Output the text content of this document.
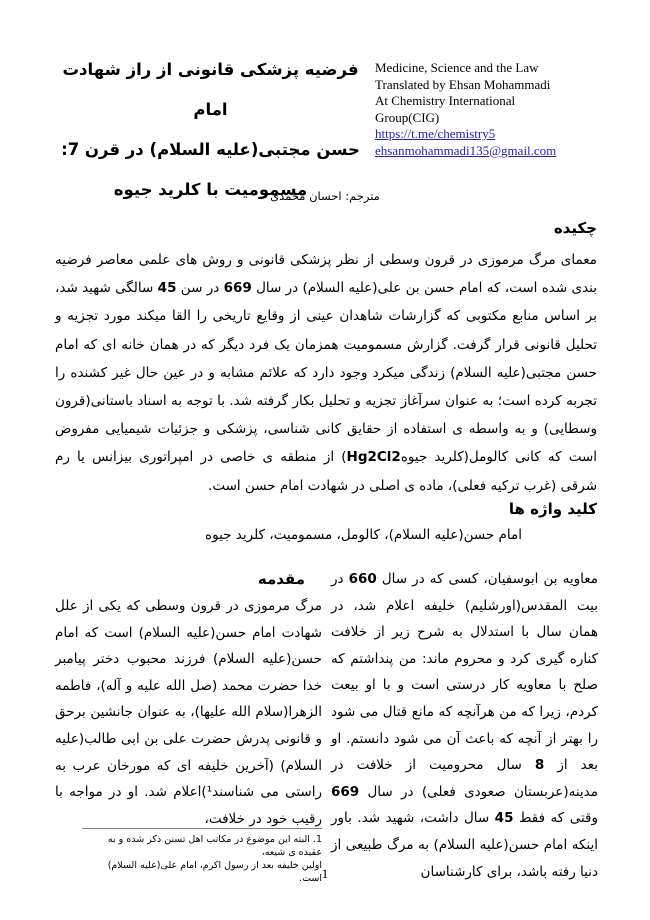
فرضیه پزشکی قانونی از راز شهادت امام
حسن مجتبی(علیه السلام) در قرن 7:
مسمومیت با کلرید جیوه
Medicine, Science and the Law
Translated by Ehsan Mohammadi
At Chemistry International
Group(CIG)
https://t.me/chemistry5
ehsanmohammadi135@gmail.com
مترجم: احسان محمدی
چکیده
معمای مرگ مرموزی در قرون وسطی از نظر پزشکی قانونی و روش های علمی معاصر فرضیه بندی شده است، که امام حسن بن علی(علیه السلام) در سال 669 در سن 45 سالگی شهید شد، بر اساس منابع مکتوبی که گزارشات شاهدان عینی از وقایع تاریخی را القا میکند مورد تجزیه و تحلیل قانونی قرار گرفت. گزارش مسمومیت همزمان یک فرد دیگر که در همان خانه ای که امام حسن مجتبی(علیه السلام) زندگی میکرد وجود دارد که علائم مشابه و در عین حال غیر کشنده را تجربه کرده است؛ به عنوان سرآغاز تجزیه و تحلیل بکار گرفته شد. با توجه به اسناد باستانی(قرون وسطایی) و به واسطه ی استفاده از حقایق کانی شناسی، پزشکی و جزئیات شیمیایی مفروض است که کانی کالومل(کلرید جیوهHg2Cl2) از منطقه ی خاصی در امپراتوری بیزانس یا رم شرقی (غرب ترکیه فعلی)، ماده ی اصلی در شهادت امام حسن است.
کلید واژه ها
امام حسن(علیه السلام)، کالومل، مسمومیت، کلرید جیوه
مقدمه
مرگ مرموزی در قرون وسطی که یکی از علل شهادت امام حسن(علیه السلام) است که امام حسن(علیه السلام) فرزند محبوب دختر پیامبر خدا حضرت محمد (صل الله علیه و آله)، فاطمه الزهرا(سلام الله علیها)، به عنوان جانشین برحق و قانونی پدرش حضرت علی بن ابی طالب(علیه السلام) (آخرین خلیفه ای که مورخان عرب به راستی می شناسند¹)اعلام شد. او در مواجه با رقیب خود در خلافت،
1. البته این موضوع در مکاتب اهل تسنن ذکر شده و به عقیده ی شیعه،
اولین خلیفه بعد از رسول اکرم، امام علی(علیه السلام) است.
معاویه بن ابوسفیان، کسی که در سال 660 در بیت المقدس(اورشلیم) خلیفه اعلام شد، در همان سال با استدلال به شرح زیر از خلافت کناره گیری کرد و محروم ماند: من پنداشتم که صلح با معاویه کار درستی است و با او بیعت کردم، زیرا که من هرآنچه که مانع قتال می شود را بهتر از آنچه که باعث آن می شود دانستم. او بعد از 8 سال محرومیت از خلافت در مدینه(عربستان صعودی فعلی) در سال 669 وقتی که فقط 45 سال داشت، شهید شد. باور اینکه امام حسن(علیه السلام) به مرگ طبیعی از دنیا رفته باشد، برای کارشناسان
1
